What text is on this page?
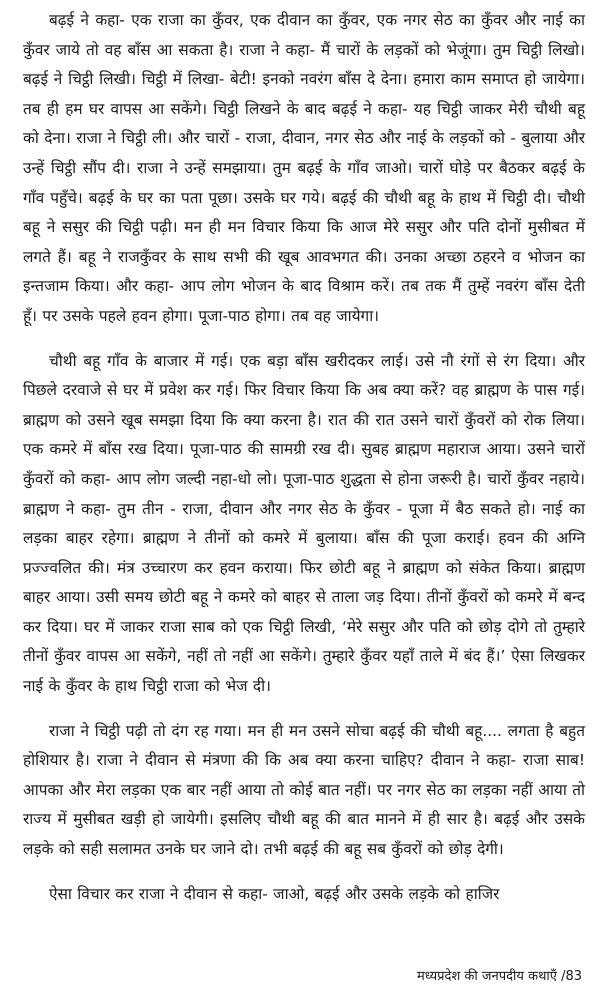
बढ़ई ने कहा- एक राजा का कुँवर, एक दीवान का कुँवर, एक नगर सेठ का कुँवर और नाई का कुँवर जाये तो वह बाँस आ सकता है। राजा ने कहा- मैं चारों के लड़कों को भेजूंगा। तुम चिट्ठी लिखो। बढ़ई ने चिट्ठी लिखी। चिट्ठी में लिखा- बेटी! इनको नवरंग बाँस दे देना। हमारा काम समाप्त हो जायेगा। तब ही हम घर वापस आ सकेंगे। चिट्ठी लिखने के बाद बढ़ई ने कहा- यह चिट्ठी जाकर मेरी चौथी बहू को देना। राजा ने चिट्ठी ली। और चारों - राजा, दीवान, नगर सेठ और नाई के लड़कों को - बुलाया और उन्हें चिट्ठी सौंप दी। राजा ने उन्हें समझाया। तुम बढ़ई के गाँव जाओ। चारों घोड़े पर बैठकर बढ़ई के गाँव पहुँचे। बढ़ई के घर का पता पूछा। उसके घर गये। बढ़ई की चौथी बहू के हाथ में चिट्ठी दी। चौथी बहू ने ससुर की चिट्ठी पढ़ी। मन ही मन विचार किया कि आज मेरे ससुर और पति दोनों मुसीबत में लगते हैं। बहू ने राजकुँवर के साथ सभी की खूब आवभगत की। उनका अच्छा ठहरने व भोजन का इन्तजाम किया। और कहा- आप लोग भोजन के बाद विश्राम करें। तब तक मैं तुम्हें नवरंग बाँस देती हूँ। पर उसके पहले हवन होगा। पूजा-पाठ होगा। तब वह जायेगा।

चौथी बहू गाँव के बाजार में गई। एक बड़ा बाँस खरीदकर लाई। उसे नौ रंगों से रंग दिया। और पिछले दरवाजे से घर में प्रवेश कर गई। फिर विचार किया कि अब क्या करें? वह ब्राह्मण के पास गई। ब्राह्मण को उसने खूब समझा दिया कि क्या करना है। रात की रात उसने चारों कुँवरों को रोक लिया। एक कमरे में बाँस रख दिया। पूजा-पाठ की सामग्री रख दी। सुबह ब्राह्मण महाराज आया। उसने चारों कुँवरों को कहा- आप लोग जल्दी नहा-धो लो। पूजा-पाठ शुद्धता से होना जरूरी है। चारों कुँवर नहाये। ब्राह्मण ने कहा- तुम तीन - राजा, दीवान और नगर सेठ के कुँवर - पूजा में बैठ सकते हो। नाई का लड़का बाहर रहेगा। ब्राह्मण ने तीनों को कमरे में बुलाया। बाँस की पूजा कराई। हवन की अग्नि प्रज्ज्वलित की। मंत्र उच्चारण कर हवन कराया। फिर छोटी बहू ने ब्राह्मण को संकेत किया। ब्राह्मण बाहर आया। उसी समय छोटी बहू ने कमरे को बाहर से ताला जड़ दिया। तीनों कुँवरों को कमरे में बन्द कर दिया। घर में जाकर राजा साब को एक चिट्ठी लिखी, ‘मेरे ससुर और पति को छोड़ दोगे तो तुम्हारे तीनों कुँवर वापस आ सकेंगे, नहीं तो नहीं आ सकेंगे। तुम्हारे कुँवर यहाँ ताले में बंद हैं।’ ऐसा लिखकर नाई के कुँवर के हाथ चिट्ठी राजा को भेज दी।

राजा ने चिट्ठी पढ़ी तो दंग रह गया। मन ही मन उसने सोचा बढ़ई की चौथी बहू.... लगता है बहुत होशियार है। राजा ने दीवान से मंत्रणा की कि अब क्या करना चाहिए? दीवान ने कहा- राजा साब! आपका और मेरा लड़का एक बार नहीं आया तो कोई बात नहीं। पर नगर सेठ का लड़का नहीं आया तो राज्य में मुसीबत खड़ी हो जायेगी। इसलिए चौथी बहू की बात मानने में ही सार है। बढ़ई और उसके लड़के को सही सलामत उनके घर जाने दो। तभी बढ़ई की बहू सब कुँवरों को छोड़ देगी।

ऐसा विचार कर राजा ने दीवान से कहा- जाओ, बढ़ई और उसके लड़के को हाजिर

मध्यप्रदेश की जनपदीय कथाएँ /83
